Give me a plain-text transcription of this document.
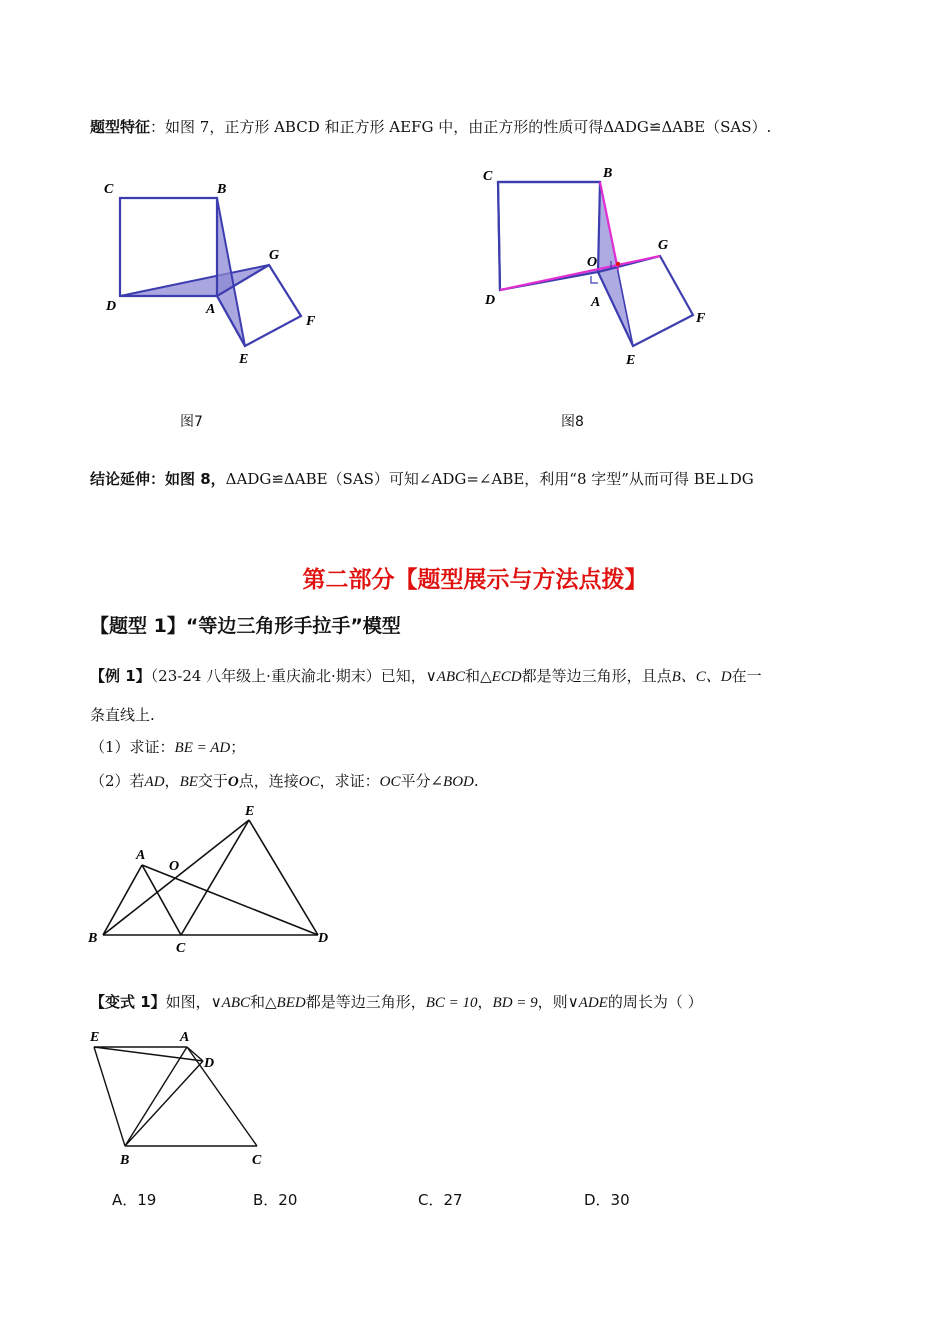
题型特征：如图 7，正方形 ABCD 和正方形 AEFG 中，由正方形的性质可得ΔADG≌ΔABE（SAS）.
C	B
G
D	A
F
E
图7
C	B
O
G
D	A
F
E
图8
结论延伸：如图 8，ΔADG≌ΔABE（SAS）可知∠ADG=∠ABE，利用“8 字型”从而可得 BE⊥DG
第二部分【题型展示与方法点拨】
【题型 1】“等边三角形手拉手”模型
【例 1】（23-24 八年级上·重庆渝北·期末）已知，∨ABC和△ECD都是等边三角形，且点B、C、D在一
条直线上.
（1）求证：BE = AD；
（2）若AD，BE交于O点，连接OC，求证：OC平分∠BOD.
E
A
O
B
C
D
【变式 1】如图，∨ABC和△BED都是等边三角形，BC = 10，BD = 9，则∨ADE的周长为（ ）
E	A
D
B	C
A．19	B．20	C．27	D．30
